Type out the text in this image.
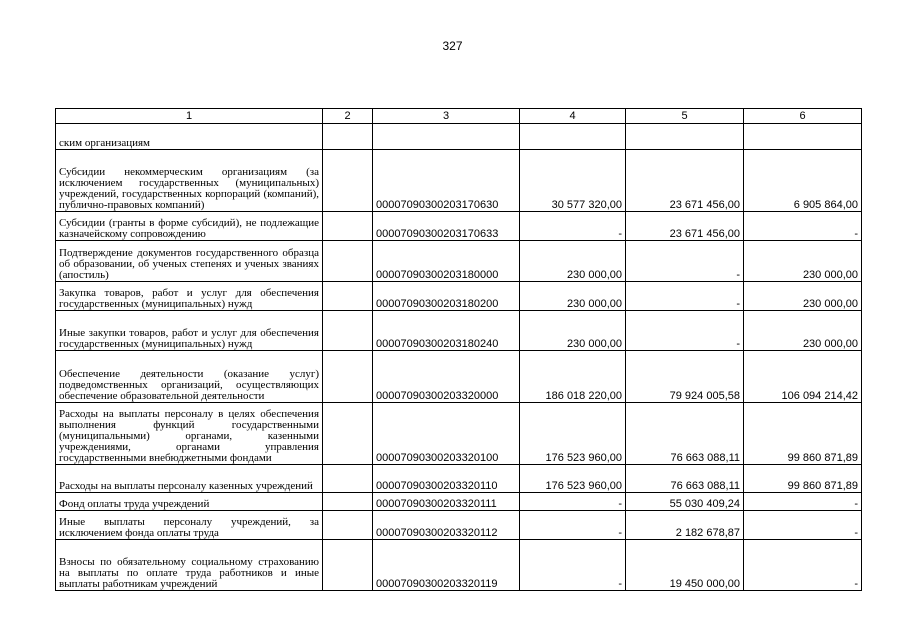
327
1	2	3	4	5	6
ским организациям					
Субсидии некоммерческим организациям (за исключением государственных (муниципальных) учреждений, государственных корпораций (компаний), публично-правовых компаний)		00007090300203170630	30 577 320,00	23 671 456,00	6 905 864,00
Субсидии (гранты в форме субсидий), не подлежащие казначейскому сопровождению		00007090300203170633	-	23 671 456,00	-
Подтверждение документов государственного образца об образовании, об ученых степенях и ученых званиях (апостиль)		00007090300203180000	230 000,00	-	230 000,00
Закупка товаров, работ и услуг для обеспечения государственных (муниципальных) нужд		00007090300203180200	230 000,00	-	230 000,00
Иные закупки товаров, работ и услуг для обеспечения государственных (муниципальных) нужд		00007090300203180240	230 000,00	-	230 000,00
Обеспечение деятельности (оказание услуг) подведомственных организаций, осуществляющих обеспечение образовательной деятельности		00007090300203320000	186 018 220,00	79 924 005,58	106 094 214,42
Расходы на выплаты персоналу в целях обеспечения выполнения функций государственными (муниципальными) органами, казенными учреждениями, органами управления государственными внебюджетными фондами		00007090300203320100	176 523 960,00	76 663 088,11	99 860 871,89
Расходы на выплаты персоналу казенных учреждений		00007090300203320110	176 523 960,00	76 663 088,11	99 860 871,89
Фонд оплаты труда учреждений		00007090300203320111	-	55 030 409,24	-
Иные выплаты персоналу учреждений, за исключением фонда оплаты труда		00007090300203320112	-	2 182 678,87	-
Взносы по обязательному социальному страхованию на выплаты по оплате труда работников и иные выплаты работникам учреждений		00007090300203320119	-	19 450 000,00	-
